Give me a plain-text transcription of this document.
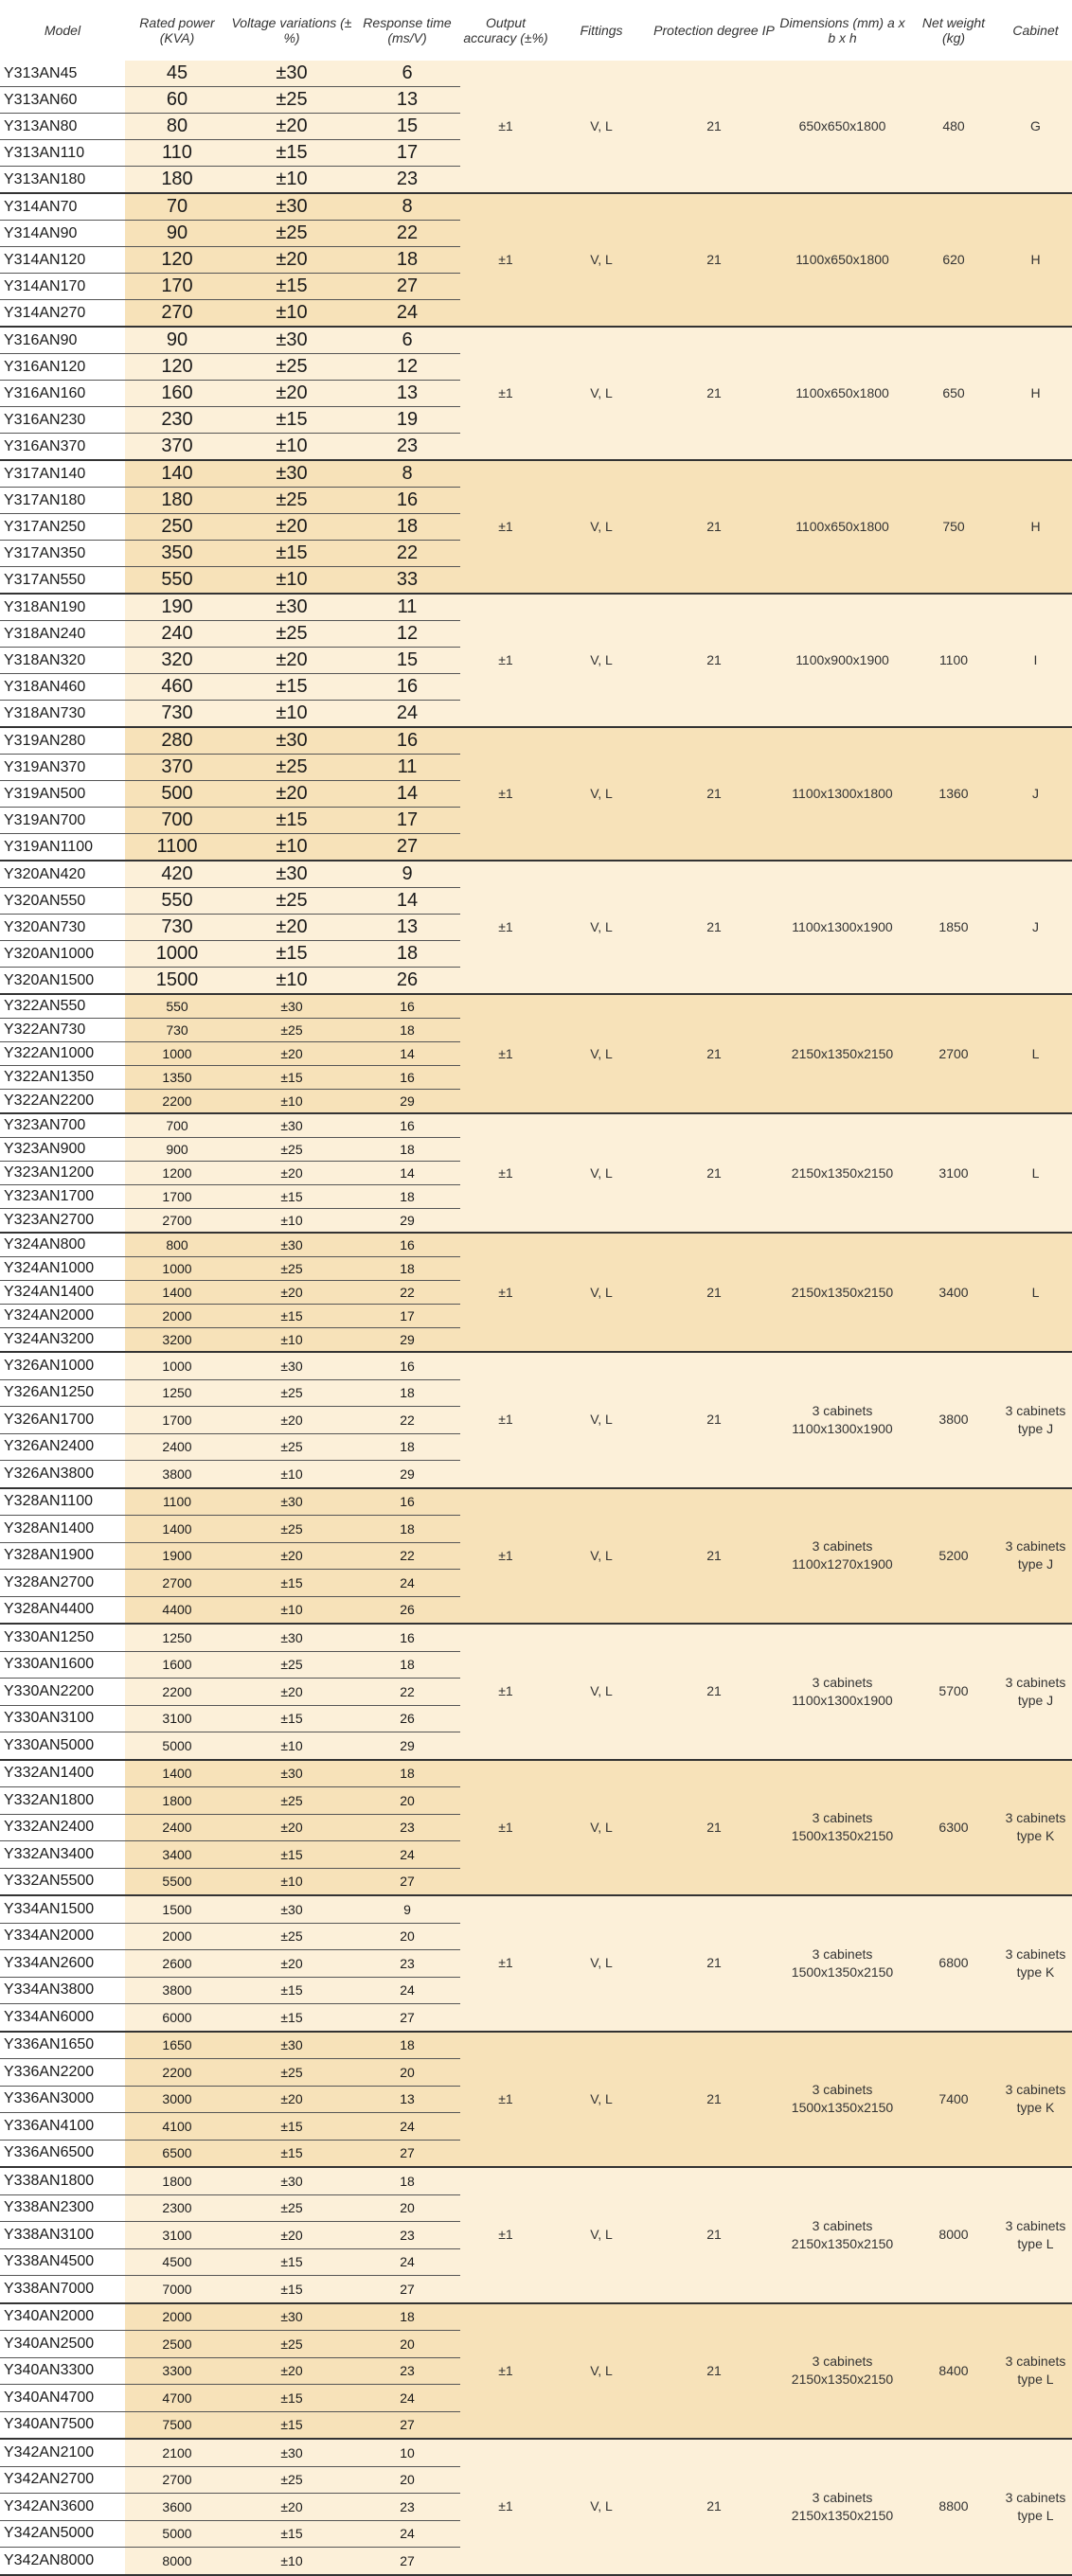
Model	Rated power (KVA)	Voltage variations (±%)	Response time (ms/V)	Output accuracy (±%)	Fittings	Protection degree IP	Dimensions (mm) a x b x h	Net weight (kg)	Cabinet
Y313AN45	45	±30	6	±1	V, L	21	650x650x1800	480	G
Y313AN60	60	±25	13						
Y313AN80	80	±20	15						
Y313AN110	110	±15	17						
Y313AN180	180	±10	23						
Y314AN70	70	±30	8	±1	V, L	21	1100x650x1800	620	H
Y314AN90	90	±25	22						
Y314AN120	120	±20	18						
Y314AN170	170	±15	27						
Y314AN270	270	±10	24						
Y316AN90	90	±30	6	±1	V, L	21	1100x650x1800	650	H
Y316AN120	120	±25	12						
Y316AN160	160	±20	13						
Y316AN230	230	±15	19						
Y316AN370	370	±10	23						
Y317AN140	140	±30	8	±1	V, L	21	1100x650x1800	750	H
Y317AN180	180	±25	16						
Y317AN250	250	±20	18						
Y317AN350	350	±15	22						
Y317AN550	550	±10	33						
Y318AN190	190	±30	11	±1	V, L	21	1100x900x1900	1100	I
Y318AN240	240	±25	12						
Y318AN320	320	±20	15						
Y318AN460	460	±15	16						
Y318AN730	730	±10	24						
Y319AN280	280	±30	16	±1	V, L	21	1100x1300x1800	1360	J
Y319AN370	370	±25	11						
Y319AN500	500	±20	14						
Y319AN700	700	±15	17						
Y319AN1100	1100	±10	27						
Y320AN420	420	±30	9	±1	V, L	21	1100x1300x1900	1850	J
Y320AN550	550	±25	14						
Y320AN730	730	±20	13						
Y320AN1000	1000	±15	18						
Y320AN1500	1500	±10	26						
Y322AN550	550	±30	16	±1	V, L	21	2150x1350x2150	2700	L
Y322AN730	730	±25	18						
Y322AN1000	1000	±20	14						
Y322AN1350	1350	±15	16						
Y322AN2200	2200	±10	29						
Y323AN700	700	±30	16	±1	V, L	21	2150x1350x2150	3100	L
Y323AN900	900	±25	18						
Y323AN1200	1200	±20	14						
Y323AN1700	1700	±15	18						
Y323AN2700	2700	±10	29						
Y324AN800	800	±30	16	±1	V, L	21	2150x1350x2150	3400	L
Y324AN1000	1000	±25	18						
Y324AN1400	1400	±20	22						
Y324AN2000	2000	±15	17						
Y324AN3200	3200	±10	29						
Y326AN1000	1000	±30	16	±1	V, L	21	3 cabinets 1100x1300x1900	3800	3 cabinets type J
Y326AN1250	1250	±25	18						
Y326AN1700	1700	±20	22						
Y326AN2400	2400	±25	18						
Y326AN3800	3800	±10	29						
Y328AN1100	1100	±30	16	±1	V, L	21	3 cabinets 1100x1270x1900	5200	3 cabinets type J
Y328AN1400	1400	±25	18						
Y328AN1900	1900	±20	22						
Y328AN2700	2700	±15	24						
Y328AN4400	4400	±10	26						
Y330AN1250	1250	±30	16	±1	V, L	21	3 cabinets 1100x1300x1900	5700	3 cabinets type J
Y330AN1600	1600	±25	18						
Y330AN2200	2200	±20	22						
Y330AN3100	3100	±15	26						
Y330AN5000	5000	±10	29						
Y332AN1400	1400	±30	18	±1	V, L	21	3 cabinets 1500x1350x2150	6300	3 cabinets type K
Y332AN1800	1800	±25	20						
Y332AN2400	2400	±20	23						
Y332AN3400	3400	±15	24						
Y332AN5500	5500	±10	27						
Y334AN1500	1500	±30	9	±1	V, L	21	3 cabinets 1500x1350x2150	6800	3 cabinets type K
Y334AN2000	2000	±25	20						
Y334AN2600	2600	±20	23						
Y334AN3800	3800	±15	24						
Y334AN6000	6000	±15	27						
Y336AN1650	1650	±30	18	±1	V, L	21	3 cabinets 1500x1350x2150	7400	3 cabinets type K
Y336AN2200	2200	±25	20						
Y336AN3000	3000	±20	13						
Y336AN4100	4100	±15	24						
Y336AN6500	6500	±15	27						
Y338AN1800	1800	±30	18	±1	V, L	21	3 cabinets 2150x1350x2150	8000	3 cabinets type L
Y338AN2300	2300	±25	20						
Y338AN3100	3100	±20	23						
Y338AN4500	4500	±15	24						
Y338AN7000	7000	±15	27						
Y340AN2000	2000	±30	18	±1	V, L	21	3 cabinets 2150x1350x2150	8400	3 cabinets type L
Y340AN2500	2500	±25	20						
Y340AN3300	3300	±20	23						
Y340AN4700	4700	±15	24						
Y340AN7500	7500	±15	27						
Y342AN2100	2100	±30	10	±1	V, L	21	3 cabinets 2150x1350x2150	8800	3 cabinets type L
Y342AN2700	2700	±25	20						
Y342AN3600	3600	±20	23						
Y342AN5000	5000	±15	24						
Y342AN8000	8000	±10	27						
